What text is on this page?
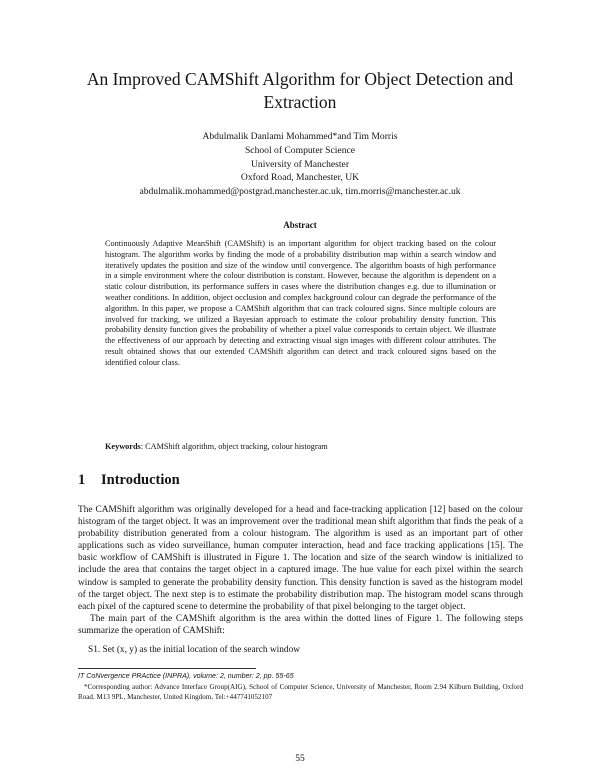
An Improved CAMShift Algorithm for Object Detection and Extraction
Abdulmalik Danlami Mohammed*and Tim Morris
School of Computer Science
University of Manchester
Oxford Road, Manchester, UK
abdulmalik.mohammed@postgrad.manchester.ac.uk, tim.morris@manchester.ac.uk
Abstract
Continuously Adaptive MeanShift (CAMShift) is an important algorithm for object tracking based on the colour histogram. The algorithm works by finding the mode of a probability distribution map within a search window and iteratively updates the position and size of the window until convergence. The algorithm boasts of high performance in a simple environment where the colour distribution is constant. However, because the algorithm is dependent on a static colour distribution, its performance suffers in cases where the distribution changes e.g. due to illumination or weather conditions. In addition, object occlusion and complex background colour can degrade the performance of the algorithm. In this paper, we propose a CAMShift algorithm that can track coloured signs. Since multiple colours are involved for tracking, we utilized a Bayesian approach to estimate the colour probability density function. This probability density function gives the probability of whether a pixel value corresponds to certain object. We illustrate the effectiveness of our approach by detecting and extracting visual sign images with different colour attributes. The result obtained shows that our extended CAMShift algorithm can detect and track coloured signs based on the identified colour class.
Keywords: CAMShift algorithm, object tracking, colour histogram
1 Introduction

The CAMShift algorithm was originally developed for a head and face-tracking application [12] based on the colour histogram of the target object. It was an improvement over the traditional mean shift algorithm that finds the peak of a probability distribution generated from a colour histogram. The algorithm is used as an important part of other applications such as video surveillance, human computer interaction, head and face tracking applications [15]. The basic workflow of CAMShift is illustrated in Figure 1. The location and size of the search window is initialized to include the area that contains the target object in a captured image. The hue value for each pixel within the search window is sampled to generate the probability density function. This density function is saved as the histogram model of the target object. The next step is to estimate the probability distribution map. The histogram model scans through each pixel of the captured scene to determine the probability of that pixel belonging to the target object.

The main part of the CAMShift algorithm is the area within the dotted lines of Figure 1. The following steps summarize the operation of CAMShift:

S1. Set (x, y) as the initial location of the search window
IT CoNvergence PRActice (INPRA), volume: 2, number: 2, pp. 55-65
*Corresponding author: Advance Interface Group(AIG), School of Computer Science, University of Manchester, Room 2.94 Kilburn Building, Oxford Road. M13 9PL, Manchester, United Kingdom, Tel:+447741052107
55
